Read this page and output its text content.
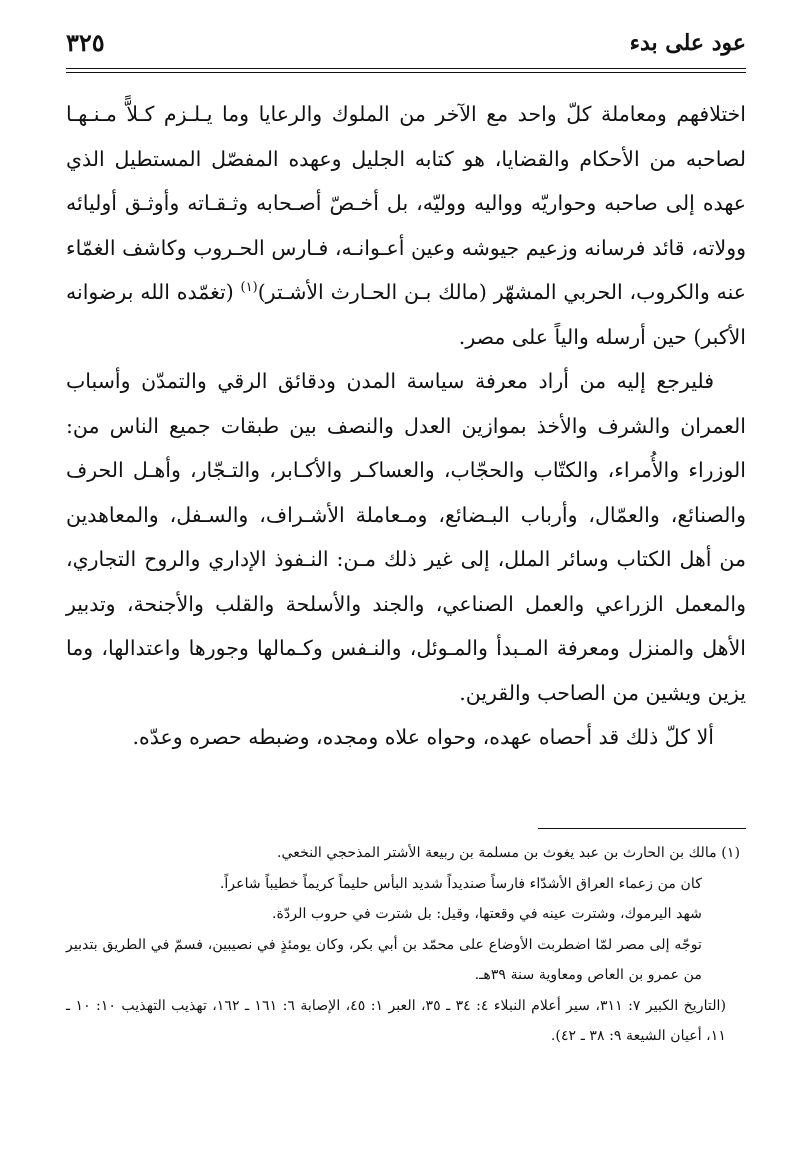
عود على بدء
٣٢٥

اختلافهم ومعاملة كلّ واحد مع الآخر من الملوك والرعايا وما يـلـزم كـلاًّ مـنـهـا لصاحبه من الأحكام والقضايا، هو كتابه الجليل وعهده المفصّل المستطيل الذي عهده إلى صاحبه وحواريّه وواليه ووليّه، بل أخـصّ أصـحابه وثـقـاته وأوثـق أوليائه وولاته، قائد فرسانه وزعيم جيوشه وعين أعـوانـه، فـارس الحـروب وكاشف الغمّاء عنه والكروب، الحربي المشهّر (مالك بـن الحـارث الأشـتر)$^{(١)}$ (تغمّده الله برضوانه الأكبر) حين أرسله والياً على مصر.

فليرجع إليه من أراد معرفة سياسة المدن ودقائق الرقي والتمدّن وأسباب العمران والشرف والأخذ بموازين العدل والنصف بين طبقات جميع الناس من: الوزراء والأُمراء، والكتّاب والحجّاب، والعساكـر والأكـابر، والتـجّار، وأهـل الحرف والصنائع، والعمّال، وأرباب البـضائع، ومـعاملة الأشـراف، والسـفل، والمعاهدين من أهل الكتاب وسائر الملل، إلى غير ذلك مـن: النـفوذ الإداري والروح التجاري، والمعمل الزراعي والعمل الصناعي، والجند والأسلحة والقلب والأجنحة، وتدبير الأهل والمنزل ومعرفة المـبدأ والمـوئل، والنـفس وكـمالها وجورها واعتدالها، وما يزين ويشين من الصاحب والقرين.

ألا كلّ ذلك قد أحصاه عهده، وحواه علاه ومجده، وضبطه حصره وعدّه.

(١) مالك بن الحارث بن عبد يغوث بن مسلمة بن ربيعة الأشتر المذحجي النخعي.

كان من زعماء العراق الأشدّاء فارساً صنديداً شديد البأس حليماً كريماً خطيباً شاعراً.

شهد اليرموك، وشترت عينه في وقعتها، وقيل: بل شترت في حروب الردّة.

توجّه إلى مصر لمّا اضطربت الأوضاع على محمّد بن أبي بكر، وكان يومئذٍ في نصيبين، فسمّ في الطريق بتدبير من عمرو بن العاص ومعاوية سنة ٣٩هـ.

(التاريخ الكبير ٧: ٣١١، سير أعلام النبلاء ٤: ٣٤ ـ ٣٥، العبر ١: ٤٥، الإصابة ٦: ١٦١ ـ ١٦٢، تهذيب التهذيب ١٠: ١٠ ـ ١١، أعيان الشيعة ٩: ٣٨ ـ ٤٢).
